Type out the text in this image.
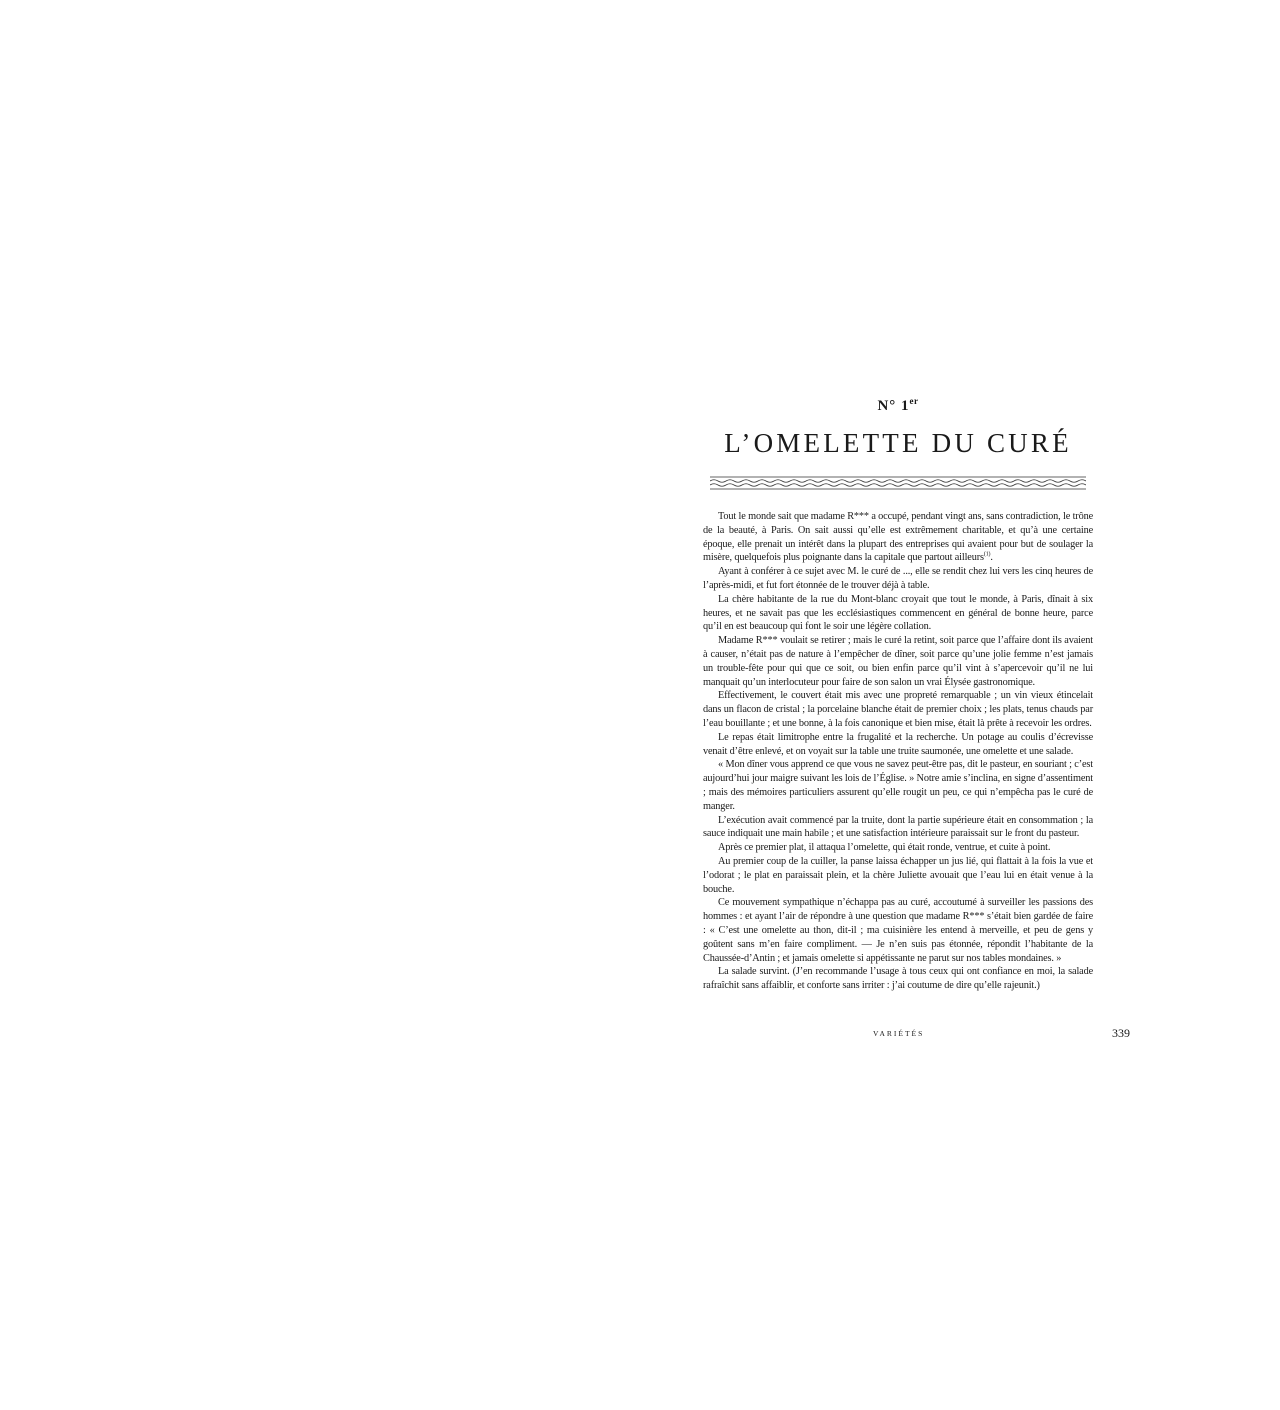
N° 1er
L’OMELETTE DU CURÉ

Tout le monde sait que madame R*** a occupé, pendant vingt ans, sans contradiction, le trône de la beauté, à Paris. On sait aussi qu’elle est extrêmement charitable, et qu’à une certaine époque, elle prenait un intérêt dans la plupart des entreprises qui avaient pour but de soulager la misère, quelquefois plus poignante dans la capitale que partout ailleurs$^{(1)}$.

Ayant à conférer à ce sujet avec M. le curé de ..., elle se rendit chez lui vers les cinq heures de l’après-midi, et fut fort étonnée de le trouver déjà à table.

La chère habitante de la rue du Mont-blanc croyait que tout le monde, à Paris, dînait à six heures, et ne savait pas que les ecclésiastiques commencent en général de bonne heure, parce qu’il en est beaucoup qui font le soir une légère collation.

Madame R*** voulait se retirer ; mais le curé la retint, soit parce que l’affaire dont ils avaient à causer, n’était pas de nature à l’empêcher de dîner, soit parce qu’une jolie femme n’est jamais un trouble-fête pour qui que ce soit, ou bien enfin parce qu’il vint à s’apercevoir qu’il ne lui manquait qu’un interlocuteur pour faire de son salon un vrai Élysée gastronomique.

Effectivement, le couvert était mis avec une propreté remarquable ; un vin vieux étincelait dans un flacon de cristal ; la porcelaine blanche était de premier choix ; les plats, tenus chauds par l’eau bouillante ; et une bonne, à la fois canonique et bien mise, était là prête à recevoir les ordres.

Le repas était limitrophe entre la frugalité et la recherche. Un potage au coulis d’écrevisse venait d’être enlevé, et on voyait sur la table une truite saumonée, une omelette et une salade.

« Mon dîner vous apprend ce que vous ne savez peut-être pas, dit le pasteur, en souriant ; c’est aujourd’hui jour maigre suivant les lois de l’Église. » Notre amie s’inclina, en signe d’assentiment ; mais des mémoires particuliers assurent qu’elle rougit un peu, ce qui n’empêcha pas le curé de manger.

L’exécution avait commencé par la truite, dont la partie supérieure était en consommation ; la sauce indiquait une main habile ; et une satisfaction intérieure paraissait sur le front du pasteur.

Après ce premier plat, il attaqua l’omelette, qui était ronde, ventrue, et cuite à point.

Au premier coup de la cuiller, la panse laissa échapper un jus lié, qui flattait à la fois la vue et l’odorat ; le plat en paraissait plein, et la chère Juliette avouait que l’eau lui en était venue à la bouche.

Ce mouvement sympathique n’échappa pas au curé, accoutumé à surveiller les passions des hommes : et ayant l’air de répondre à une question que madame R*** s’était bien gardée de faire : « C’est une omelette au thon, dit-il ; ma cuisinière les entend à merveille, et peu de gens y goûtent sans m’en faire compliment. — Je n’en suis pas étonnée, répondit l’habitante de la Chaussée-d’Antin ; et jamais omelette si appétissante ne parut sur nos tables mondaines. »

La salade survint. (J’en recommande l’usage à tous ceux qui ont confiance en moi, la salade rafraîchit sans affaiblir, et conforte sans irriter : j’ai coutume de dire qu’elle rajeunit.)

VARIÉTÉS	339
